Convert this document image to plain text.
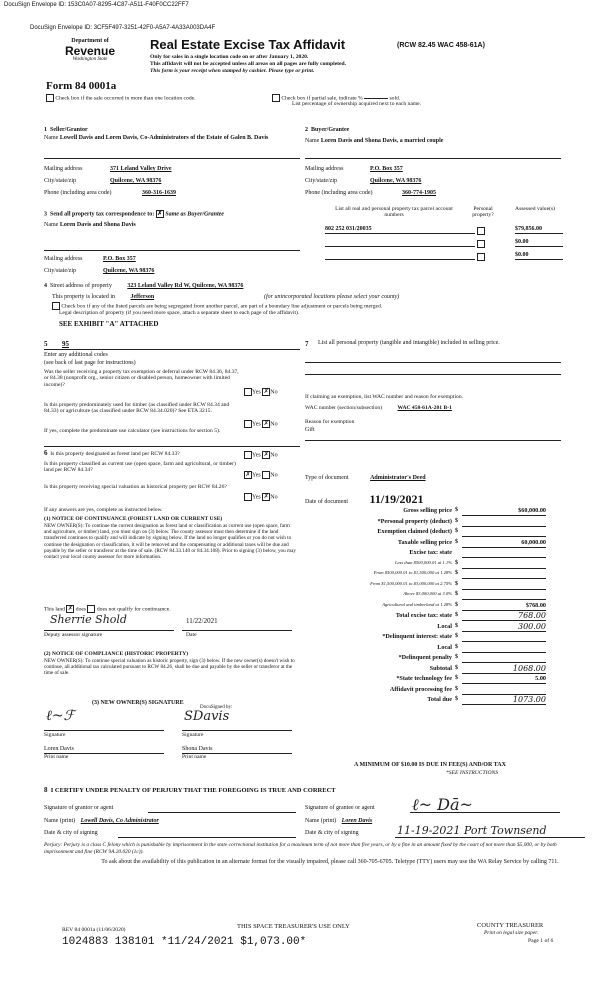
DocuSign Envelope ID: 153C0A07-8295-4C87-A511-F40F0CC22FF7
DocuSign Envelope ID: 3CF5F497-3251-42F0-A5A7-4A33A003DA4F
Department of
Revenue
Washington State
Real Estate Excise Tax Affidavit	(RCW 82.45 WAC 458-61A)
Only for sales in a single location code on or after January 1, 2020.
This affidavit will not be accepted unless all areas on all pages are fully completed.
This form is your receipt when stamped by cashier. Please type or print.
Form 84 0001a
Check box if the sale occurred in more than one location code.	Check box if partial sale, indicate %	sold.
List percentage of ownership acquired next to each name.
1 Seller/Grantor
Name Lowell Davis and Loren Davis, Co-Administrators of the Estate of Galen B. Davis
Mailing address	371 Leland Valley Drive
City/state/zip	Quilcene, WA 98376
Phone (including area code)	360-316-1639
2 Buyer/Grantee
Name Loren Davis and Shona Davis, a married couple
Mailing address	P.O. Box 357
City/state/zip	Quilcene, WA 98376
Phone (including area code)	360-774-1905
3 Send all property tax correspondence to: ✗ Same as Buyer/Grantee
Name Loren Davis and Shona Davis
Mailing address	P.O. Box 357
City/state/zip	Quilcene, WA 98376
List all real and personal property tax parcel account numbers
Personal property?
Assessed value(s)
802 252 031/20035	$79,856.00
$0.00
$0.00
4 Street address of property	323 Leland Valley Rd W, Quilcene, WA 98376
This property is located in	Jefferson	(for unincorporated locations please select your county)
Check box if any of the listed parcels are being segregated from another parcel, are part of a boundary line adjustment or parcels being merged.
Legal description of property (if you need more space, attach a separate sheet to each page of the affidavit).
SEE EXHIBIT "A" ATTACHED
5 95
Enter any additional codes
(see back of last page for instructions)
Was the seller receiving a property tax exemption or deferral under RCW 84.36, 84.37, or 84.38 (nonprofit org., senior citizen or disabled person, homeowner with limited income)?
Yes ✗No
Is this property predominately used for timber (as classified under RCW 84.34 and 84.33) or agriculture (as classified under RCW 84.34.020)? See ETA 3215.
Yes ✗No
If yes, complete the predominate use calculator (see instructions for section 5).
6 Is this property designated as forest land per RCW 84.33?	Yes ✗No
Is this property classified as current use (open space, farm and agricultural, or timber) land per RCW 84.34?
✗Yes No
Is this property receiving special valuation as historical property per RCW 84.26?
Yes ✗No
If any answers are yes, complete as instructed below.
(1) NOTICE OF CONTINUANCE (FOREST LAND OR CURRENT USE)
NEW OWNER(S): To continue the current designation as forest land or classification as current use (open space, farm and agriculture, or timber) land, you must sign on (3) below. The county assessor must then determine if the land transferred continues to qualify and will indicate by signing below. If the land no longer qualifies or you do not wish to continue the designation or classification, it will be removed and the compensating or additional taxes will be due and payable by the seller or transferor at the time of sale. (RCW 84.33.140 or 84.34.108). Prior to signing (3) below, you may contact your local county assessor for more information.
This land ✗ does does not qualify for continuance.
Sherrie Shold	11/22/2021
Deputy assessor signature	Date
(2) NOTICE OF COMPLIANCE (HISTORIC PROPERTY)
NEW OWNER(S): To continue special valuation as historic property, sign (3) below. If the new owner(s) doesn't wish to continue, all additional tax calculated pursuant to RCW 84.26, shall be due and payable by the seller or transferor at the time of sale.
(3) NEW OWNER(S) SIGNATURE
DocuSigned by:
ℓ~ℱ	SDavis
Signature	Signature
Loren Davis	Shona Davis
Print name	Print name
7 List all personal property (tangible and intangible) included in selling price.
If claiming an exemption, list WAC number and reason for exemption.
WAC number (section/subsection)	WAC 458-61A-201 B-1
Reason for exemption
Gift
Type of document	Administrator's Deed
Date of document 11/19/2021
Gross selling price $	$60,000.00
*Personal property (deduct) $
Exemption claimed (deduct) $
Taxable selling price $	60,000.00
Excise tax: state
Less than $500,000.01 at 1.1% $
From $500,000.01 to $1,500,000 at 1.28% $
From $1,500,000.01 to $3,000,000 at 2.75% $
Above $3,000,000 at 3.0% $
Agricultural and timberland at 1.28% $	$768.00
Total excise tax: state $	768.00
Local $	300.00
*Delinquent interest: state $
Local $
*Delinquent penalty $
Subtotal $	1068.00
*State technology fee $	5.00
Affidavit processing fee $
Total due $	1073.00
A MINIMUM OF $10.00 IS DUE IN FEE(S) AND/OR TAX
*SEE INSTRUCTIONS
8 I CERTIFY UNDER PENALTY OF PERJURY THAT THE FOREGOING IS TRUE AND CORRECT
Signature of grantor or agent	Signature of grantee or agent ℓ~ Dā~
Name (print) Lowell Davis, Co Administrator	Name (print) Loren Davis
Date & city of signing	Date & city of signing	11-19-2021 Port Townsend
Perjury: Perjury is a class C felony which is punishable by imprisonment in the state correctional institution for a maximum term of not more than five years, or by a fine in an amount fixed by the court of not more than $5,000, or by both imprisonment and fine (RCW 9A.20.020 (1c)).
To ask about the availability of this publication in an alternate format for the visually impaired, please call 360-705-6705. Teletype (TTY) users may use the WA Relay Service by calling 711.
REV 84 0001a (11/06/2020)	THIS SPACE TREASURER'S USE ONLY
1024883 138101 *11/24/2021 $1,073.00*
COUNTY TREASURER
Print on legal size paper.
Page 1 of 6
